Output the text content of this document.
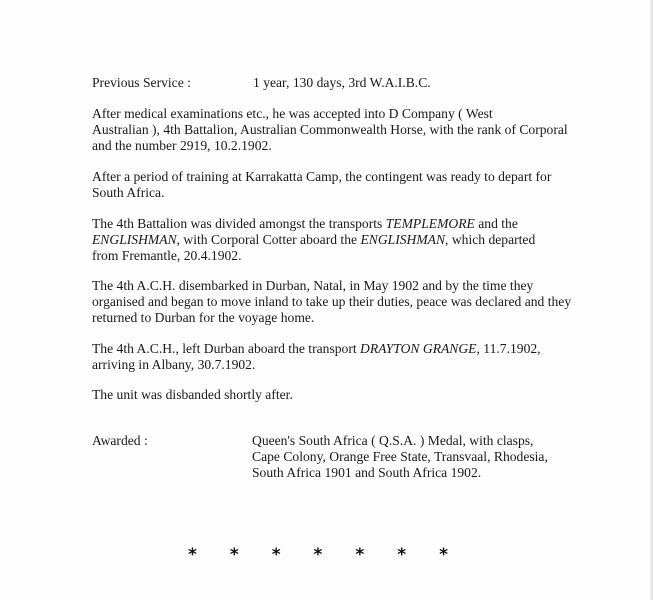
Previous Service :	1 year, 130 days, 3rd W.A.I.B.C.
After medical examinations etc., he was accepted into D Company ( West
Australian ), 4th Battalion, Australian Commonwealth Horse, with the rank of Corporal
and the number 2919, 10.2.1902.
After a period of training at Karrakatta Camp, the contingent was ready to depart for
South Africa.
The 4th Battalion was divided amongst the transports TEMPLEMORE and the
ENGLISHMAN, with Corporal Cotter aboard the ENGLISHMAN, which departed
from Fremantle, 20.4.1902.
The 4th A.C.H. disembarked in Durban, Natal, in May 1902 and by the time they
organised and began to move inland to take up their duties, peace was declared and they
returned to Durban for the voyage home.
The 4th A.C.H., left Durban aboard the transport DRAYTON GRANGE, 11.7.1902,
arriving in Albany, 30.7.1902.
The unit was disbanded shortly after.
Awarded :	Queen's South Africa ( Q.S.A. ) Medal, with clasps,
Cape Colony, Orange Free State, Transvaal, Rhodesia,
South Africa 1901 and South Africa 1902.
* * * * * * *
